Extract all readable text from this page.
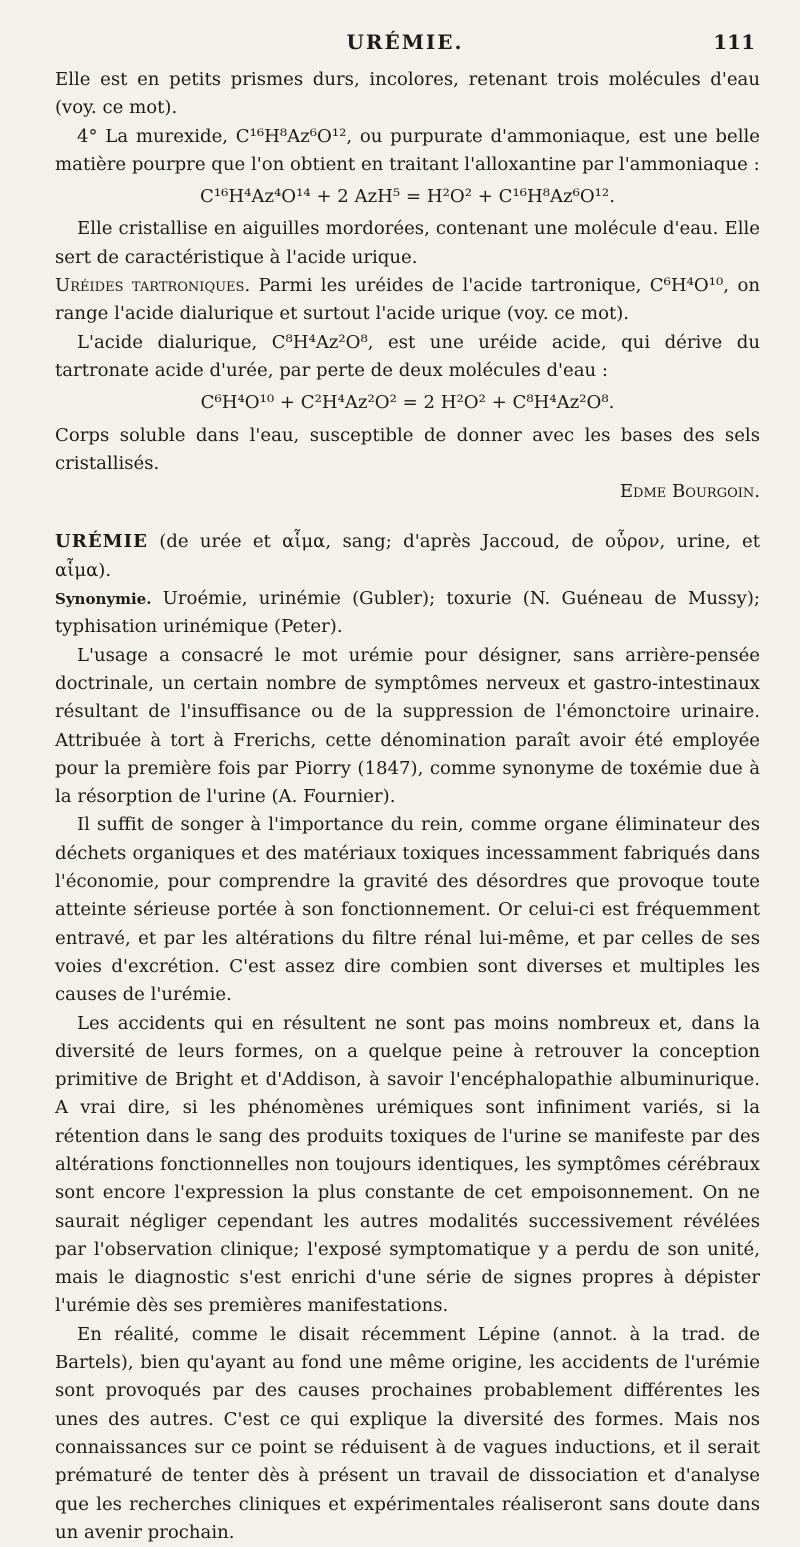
URÉMIE.	111

Elle est en petits prismes durs, incolores, retenant trois molécules d'eau (voy. ce mot).

4° La murexide, C¹⁶H⁸Az⁶O¹², ou purpurate d'ammoniaque, est une belle matière pourpre que l'on obtient en traitant l'alloxantine par l'ammoniaque :

C¹⁶H⁴Az⁴O¹⁴ + 2 AzH⁵ = H²O² + C¹⁶H⁸Az⁶O¹².

Elle cristallise en aiguilles mordorées, contenant une molécule d'eau. Elle sert de caractéristique à l'acide urique.

Uréides tartroniques. Parmi les uréides de l'acide tartronique, C⁶H⁴O¹⁰, on range l'acide dialurique et surtout l'acide urique (voy. ce mot).

L'acide dialurique, C⁸H⁴Az²O⁸, est une uréide acide, qui dérive du tartronate acide d'urée, par perte de deux molécules d'eau :

C⁶H⁴O¹⁰ + C²H⁴Az²O² = 2 H²O² + C⁸H⁴Az²O⁸.

Corps soluble dans l'eau, susceptible de donner avec les bases des sels cristallisés.

Edme Bourgoin.

URÉMIE (de urée et αἷμα, sang; d'après Jaccoud, de οὖρον, urine, et αἷμα).

Synonymie. Uroémie, urinémie (Gubler); toxurie (N. Guéneau de Mussy); typhisation urinémique (Peter).

L'usage a consacré le mot urémie pour désigner, sans arrière-pensée doctrinale, un certain nombre de symptômes nerveux et gastro-intestinaux résultant de l'insuffisance ou de la suppression de l'émonctoire urinaire. Attribuée à tort à Frerichs, cette dénomination paraît avoir été employée pour la première fois par Piorry (1847), comme synonyme de toxémie due à la résorption de l'urine (A. Fournier).

Il suffit de songer à l'importance du rein, comme organe éliminateur des déchets organiques et des matériaux toxiques incessamment fabriqués dans l'économie, pour comprendre la gravité des désordres que provoque toute atteinte sérieuse portée à son fonctionnement. Or celui-ci est fréquemment entravé, et par les altérations du filtre rénal lui-même, et par celles de ses voies d'excrétion. C'est assez dire combien sont diverses et multiples les causes de l'urémie.

Les accidents qui en résultent ne sont pas moins nombreux et, dans la diversité de leurs formes, on a quelque peine à retrouver la conception primitive de Bright et d'Addison, à savoir l'encéphalopathie albuminurique. A vrai dire, si les phénomènes urémiques sont infiniment variés, si la rétention dans le sang des produits toxiques de l'urine se manifeste par des altérations fonctionnelles non toujours identiques, les symptômes cérébraux sont encore l'expression la plus constante de cet empoisonnement. On ne saurait négliger cependant les autres modalités successivement révélées par l'observation clinique; l'exposé symptomatique y a perdu de son unité, mais le diagnostic s'est enrichi d'une série de signes propres à dépister l'urémie dès ses premières manifestations.

En réalité, comme le disait récemment Lépine (annot. à la trad. de Bartels), bien qu'ayant au fond une même origine, les accidents de l'urémie sont provoqués par des causes prochaines probablement différentes les unes des autres. C'est ce qui explique la diversité des formes. Mais nos connaissances sur ce point se réduisent à de vagues inductions, et il serait prématuré de tenter dès à présent un travail de dissociation et d'analyse que les recherches cliniques et expérimentales réaliseront sans doute dans un avenir prochain.
